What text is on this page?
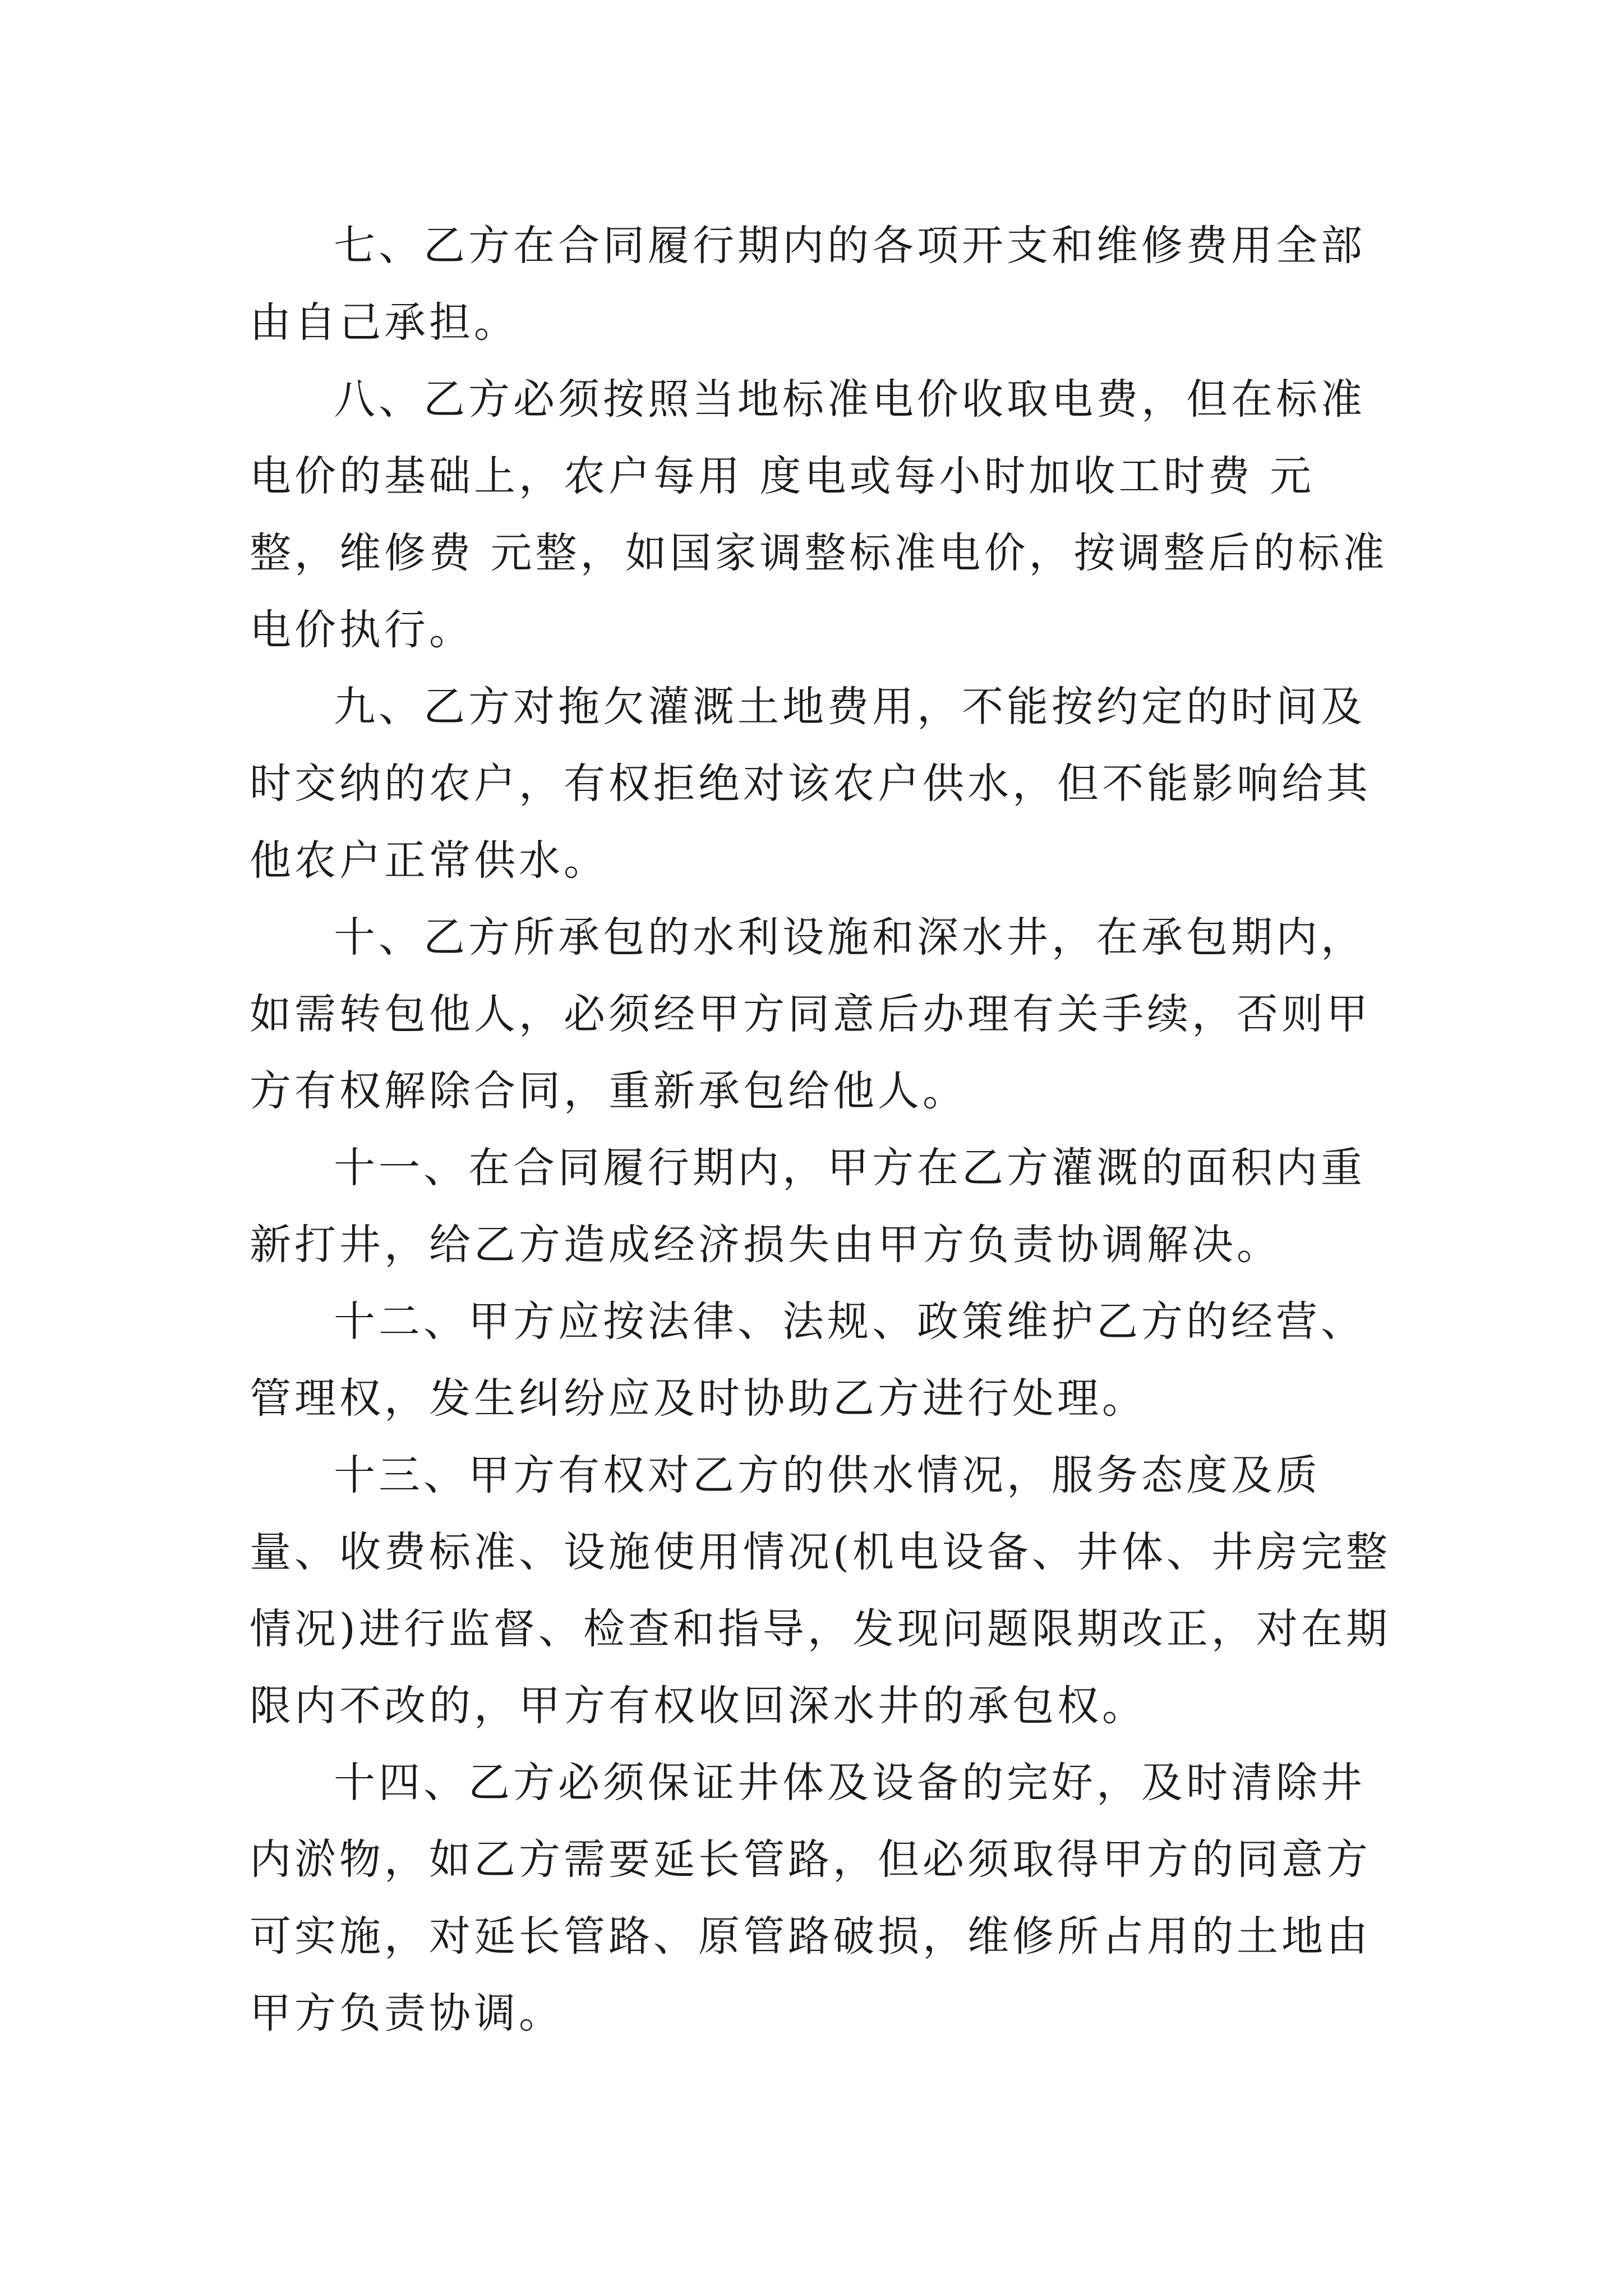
七、乙方在合同履行期内的各项开支和维修费用全部由自己承担。

八、乙方必须按照当地标准电价收取电费，但在标准电价的基础上，农户每用 度电或每小时加收工时费 元整，维修费 元整，如国家调整标准电价，按调整后的标准电价执行。

九、乙方对拖欠灌溉土地费用，不能按约定的时间及时交纳的农户，有权拒绝对该农户供水，但不能影响给其他农户正常供水。

十、乙方所承包的水利设施和深水井，在承包期内，如需转包他人，必须经甲方同意后办理有关手续，否则甲方有权解除合同，重新承包给他人。

十一、在合同履行期内，甲方在乙方灌溉的面积内重新打井，给乙方造成经济损失由甲方负责协调解决。

十二、甲方应按法律、法规、政策维护乙方的经营、管理权，发生纠纷应及时协助乙方进行处理。

十三、甲方有权对乙方的供水情况，服务态度及质量、收费标准、设施使用情况(机电设备、井体、井房完整情况)进行监督、检查和指导，发现问题限期改正，对在期限内不改的，甲方有权收回深水井的承包权。

十四、乙方必须保证井体及设备的完好，及时清除井内淤物，如乙方需要延长管路，但必须取得甲方的同意方可实施，对延长管路、原管路破损，维修所占用的土地由甲方负责协调。
